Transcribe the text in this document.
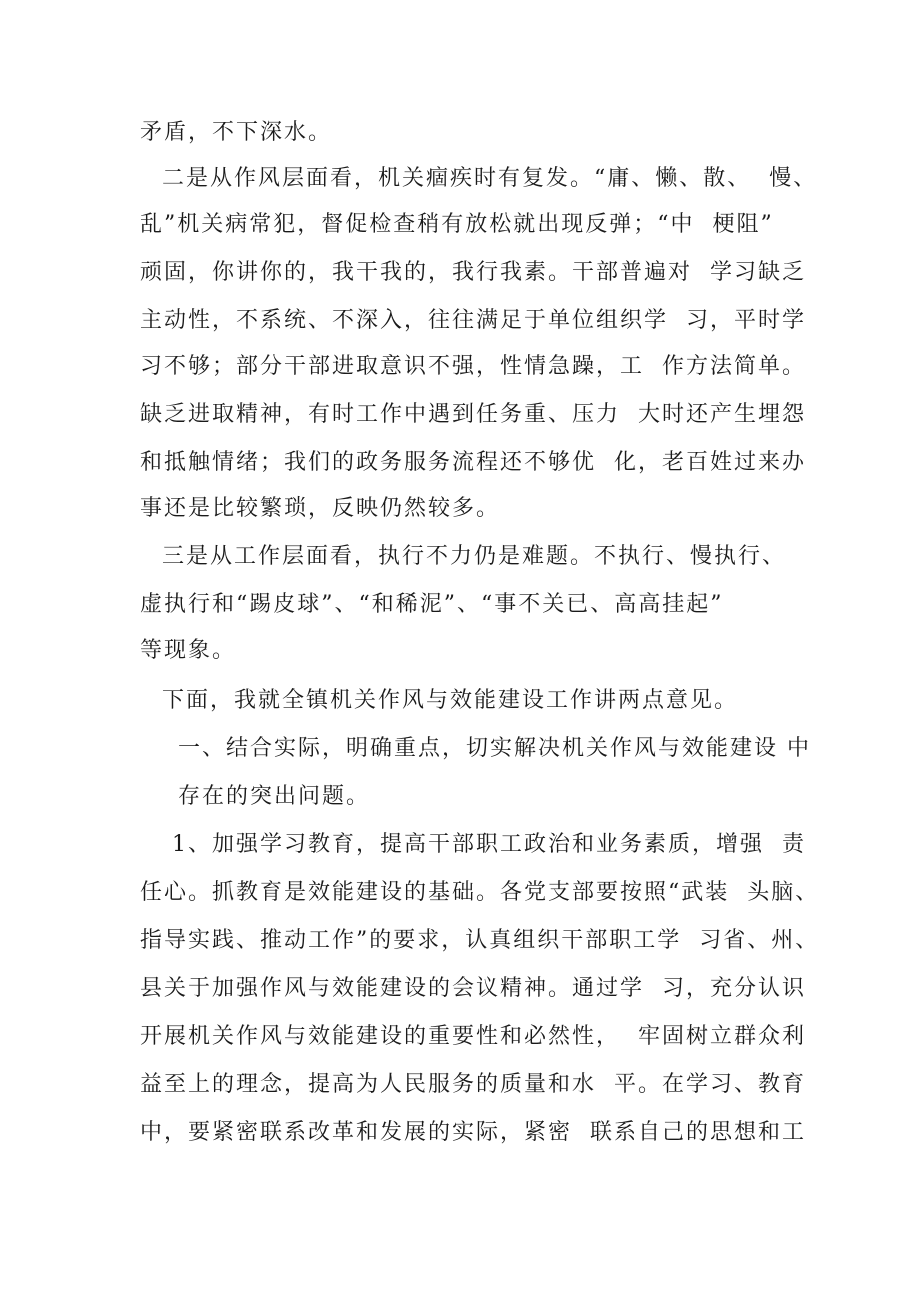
矛盾，不下深水。
二是从作风层面看，机关痼疾时有复发。“庸、懒、散、  慢、
乱”机关病常犯，督促检查稍有放松就出现反弹；“中  梗阻”
顽固，你讲你的，我干我的，我行我素。干部普遍对  学习缺乏
主动性，不系统、不深入，往往满足于单位组织学  习，平时学
习不够；部分干部进取意识不强，性情急躁，工  作方法简单。
缺乏进取精神，有时工作中遇到任务重、压力  大时还产生埋怨
和抵触情绪；我们的政务服务流程还不够优  化，老百姓过来办
事还是比较繁琐，反映仍然较多。
三是从工作层面看，执行不力仍是难题。不执行、慢执行、
虚执行和“踢皮球”、“和稀泥”、“事不关已、高高挂起”
等现象。
下面，我就全镇机关作风与效能建设工作讲两点意见。
一、结合实际，明确重点，切实解决机关作风与效能建设 中
存在的突出问题。
1、加强学习教育，提高干部职工政治和业务素质，增强  责
任心。抓教育是效能建设的基础。各党支部要按照“武装  头脑、
指导实践、推动工作”的要求，认真组织干部职工学  习省、州、
县关于加强作风与效能建设的会议精神。通过学  习，充分认识
开展机关作风与效能建设的重要性和必然性，  牢固树立群众利
益至上的理念，提高为人民服务的质量和水  平。在学习、教育
中，要紧密联系改革和发展的实际，紧密  联系自己的思想和工
